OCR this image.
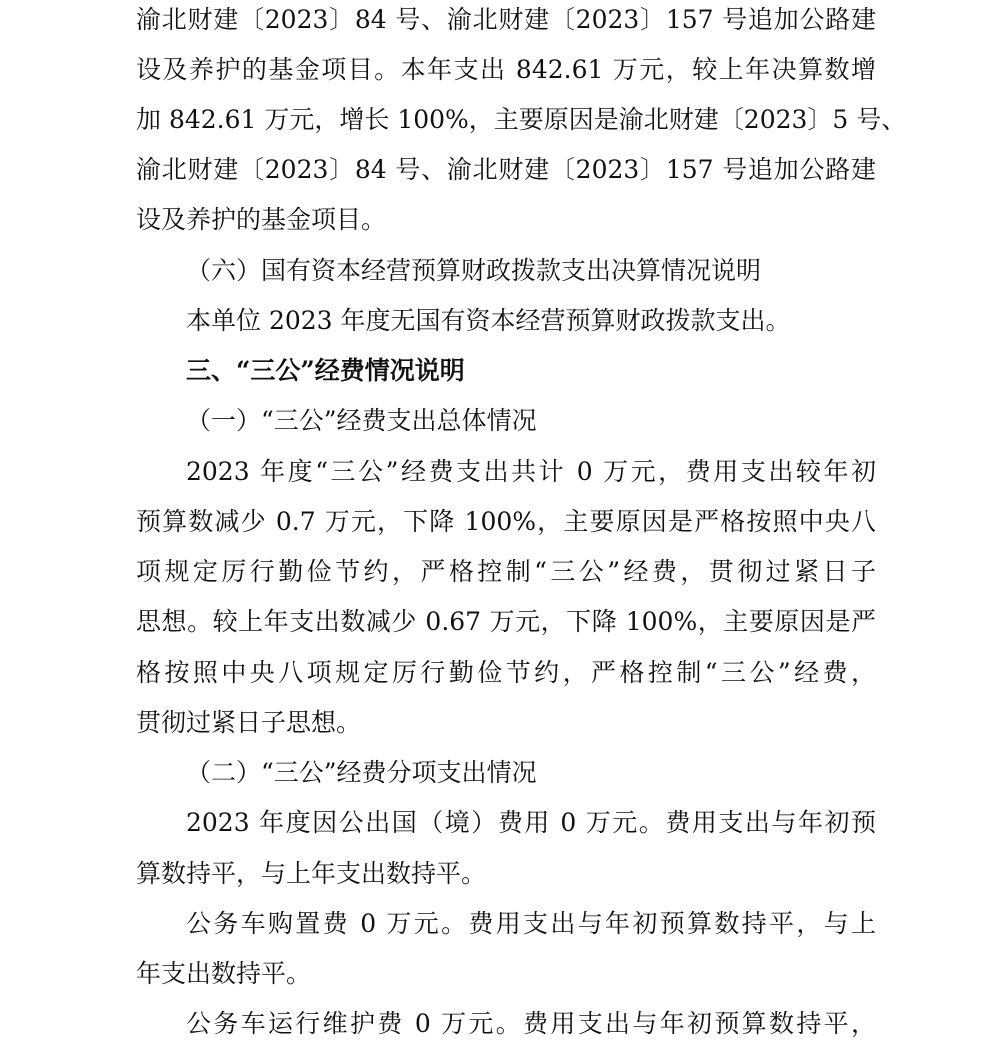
渝北财建〔2023〕84 号、渝北财建〔2023〕157 号追加公路建
设及养护的基金项目。本年支出 842.61 万元，较上年决算数增
加 842.61 万元，增长 100%，主要原因是渝北财建〔2023〕5 号、
渝北财建〔2023〕84 号、渝北财建〔2023〕157 号追加公路建
设及养护的基金项目。
（六）国有资本经营预算财政拨款支出决算情况说明
本单位 2023 年度无国有资本经营预算财政拨款支出。
三、“三公”经费情况说明
（一）“三公”经费支出总体情况
2023 年度“三公”经费支出共计 0 万元，费用支出较年初
预算数减少 0.7 万元，下降 100%，主要原因是严格按照中央八
项规定厉行勤俭节约，严格控制“三公”经费，贯彻过紧日子
思想。较上年支出数减少 0.67 万元，下降 100%，主要原因是严
格按照中央八项规定厉行勤俭节约，严格控制“三公”经费，
贯彻过紧日子思想。
（二）“三公”经费分项支出情况
2023 年度因公出国（境）费用 0 万元。费用支出与年初预
算数持平，与上年支出数持平。
公务车购置费 0 万元。费用支出与年初预算数持平，与上
年支出数持平。
公务车运行维护费 0 万元。费用支出与年初预算数持平，
